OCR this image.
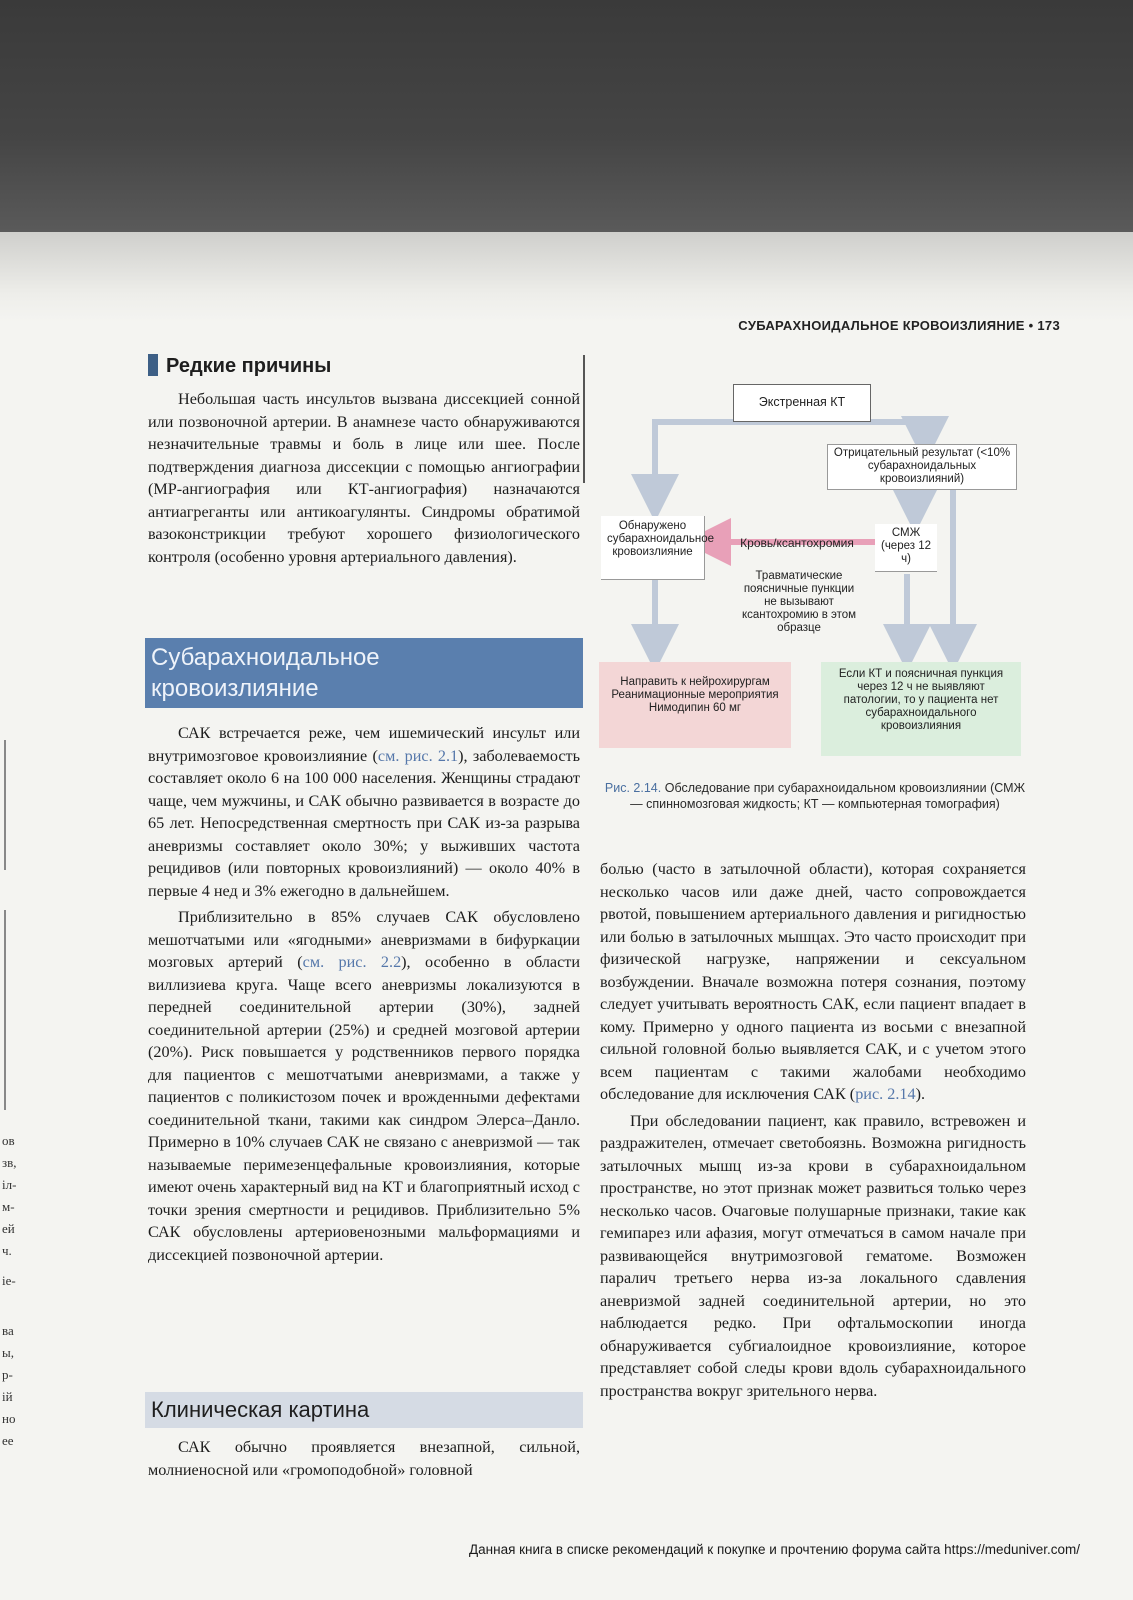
ов
зв,
іл-
м-
ей
ч.
іе-
ва
ы,
р-
ій
но
ее
СУБАРАХНОИДАЛЬНОЕ КРОВОИЗЛИЯНИЕ • 173
Редкие причины

Небольшая часть инсультов вызвана диссекцией сонной или позвоночной артерии. В анамнезе часто обнаруживаются незначительные травмы и боль в лице или шее. После подтверждения диагноза диссекции с помощью ангиографии (МР-ангиография или КТ-ангиография) назначаются антиагреганты или антикоагулянты. Синдромы обратимой вазоконстрикции требуют хорошего физиологического контроля (особенно уровня артериального давления).

Субарахноидальное
кровоизлияние

САК встречается реже, чем ишемический инсульт или внутримозговое кровоизлияние (см. рис. 2.1), заболеваемость составляет около 6 на 100 000 населения. Женщины страдают чаще, чем мужчины, и САК обычно развивается в возрасте до 65 лет. Непосредственная смертность при САК из-за разрыва аневризмы составляет около 30%; у выживших частота рецидивов (или повторных кровоизлияний) — около 40% в первые 4 нед и 3% ежегодно в дальнейшем.

Приблизительно в 85% случаев САК обусловлено мешотчатыми или «ягодными» аневризмами в бифуркации мозговых артерий (см. рис. 2.2), особенно в области виллизиева круга. Чаще всего аневризмы локализуются в передней соединительной артерии (30%), задней соединительной артерии (25%) и средней мозговой артерии (20%). Риск повышается у родственников первого порядка для пациентов с мешотчатыми аневризмами, а также у пациентов с поликистозом почек и врожденными дефектами соединительной ткани, такими как синдром Элерса–Данло. Примерно в 10% случаев САК не связано с аневризмой — так называемые перимезенцефальные кровоизлияния, которые имеют очень характерный вид на КТ и благоприятный исход с точки зрения смертности и рецидивов. Приблизительно 5% САК обусловлены артериовенозными мальформациями и диссекцией позвоночной артерии.

Клиническая картина

САК обычно проявляется внезапной, сильной, молниеносной или «громоподобной» головной

Экстренная КТ
Отрицательный результат (<10% субарахноидальных кровоизлияний)
Обнаружено субарахноидальное кровоизлияние
Кровь/ксантохромия
СМЖ (через 12 ч)
Травматические поясничные пункции не вызывают ксантохромию в этом образце
Направить к нейрохирургам Реанимационные мероприятия Нимодипин 60 мг
Если КТ и поясничная пункция через 12 ч не выявляют патологии, то у пациента нет субарахноидального кровоизлияния
Рис. 2.14. Обследование при субарахноидальном кровоизлиянии (СМЖ — спинномозговая жидкость; КТ — компьютерная томография)

болью (часто в затылочной области), которая сохраняется несколько часов или даже дней, часто сопровождается рвотой, повышением артериального давления и ригидностью или болью в затылочных мышцах. Это часто происходит при физической нагрузке, напряжении и сексуальном возбуждении. Вначале возможна потеря сознания, поэтому следует учитывать вероятность САК, если пациент впадает в кому. Примерно у одного пациента из восьми с внезапной сильной головной болью выявляется САК, и с учетом этого всем пациентам с такими жалобами необходимо обследование для исключения САК (рис. 2.14).

При обследовании пациент, как правило, встревожен и раздражителен, отмечает светобоязнь. Возможна ригидность затылочных мышц из-за крови в субарахноидальном пространстве, но этот признак может развиться только через несколько часов. Очаговые полушарные признаки, такие как гемипарез или афазия, могут отмечаться в самом начале при развивающейся внутримозговой гематоме. Возможен паралич третьего нерва из-за локального сдавления аневризмой задней соединительной артерии, но это наблюдается редко. При офтальмоскопии иногда обнаруживается субгиалоидное кровоизлияние, которое представляет собой следы крови вдоль субарахноидального пространства вокруг зрительного нерва.

Данная книга в списке рекомендаций к покупке и прочтению форума сайта https://meduniver.com/
